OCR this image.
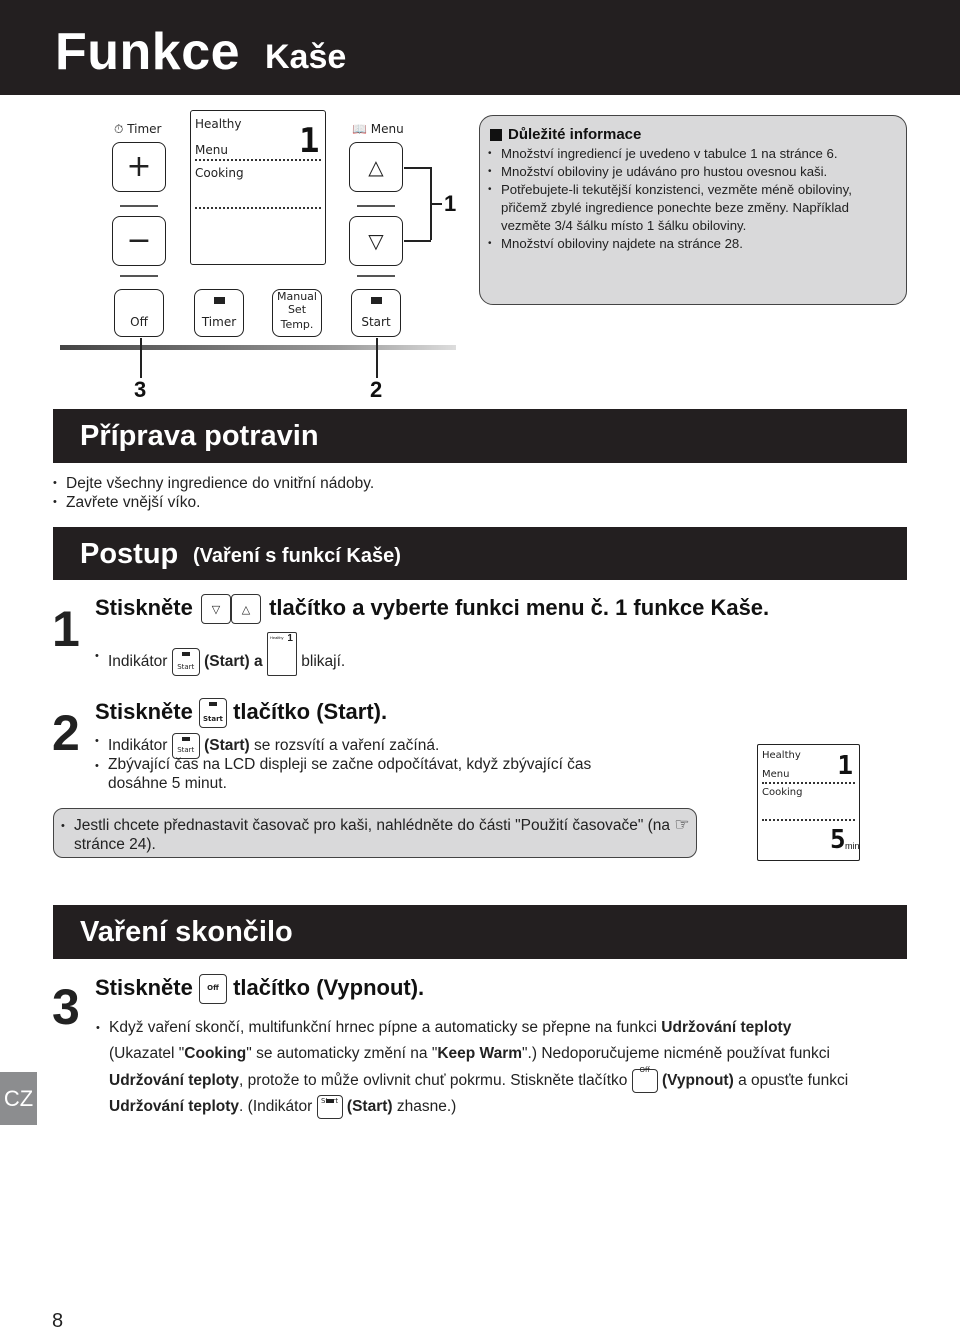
Funkce Kaše
⏱ Timer
+
−
Healthy
Menu
Cooking
1	📖 Menu
△
▽
1
Off	Timer
Manual Set
Temp.	Start
3	2
Důležité informace
• Množství ingrediencí je uvedeno v tabulce 1 na stránce 6.
• Množství obiloviny je udáváno pro hustou ovesnou kaši.
• Potřebujete-li tekutější konzistenci, vezměte méně obiloviny, přičemž zbylé ingredience ponechte beze změny. Například vezměte 3/4 šálku místo 1 šálku obiloviny.
• Množství obiloviny najdete na stránce 28.
Příprava potravin
• Dejte všechny ingredience do vnitřní nádoby.
• Zavřete vnější víko.
Postup (Vaření s funkcí Kaše)
1 Stiskněte	▽	△ tlačítko a vyberte funkci menu č. 1 funkce Kaše.
• Indikátor	Start (Start) a
Healthy 1
blikají.
2 Stiskněte	Start tlačítko (Start).
• Indikátor	Start (Start) se rozsvítí a vaření začíná.
• Zbývající čas na LCD displeji se začne odpočítávat, když zbývající čas dosáhne 5 minut.
• Jestli chcete přednastavit časovač pro kaši, nahlédněte do části "Použití časovače" (na ☞ stránce 24).
Healthy
Menu
Cooking
1
5 min
Vaření skončilo
3 Stiskněte	Off tlačítko (Vypnout).
• Když vaření skončí, multifunkční hrnec pípne a automaticky se přepne na funkci Udržování teploty
(Ukazatel "Cooking" se automaticky změní na "Keep Warm".) Nedoporučujeme nicméně používat funkci
Udržování teploty, protože to může ovlivnit chuť pokrmu. Stiskněte tlačítko
Off
(Vypnout) a opusťte funkci
Udržování teploty. (Indikátor	Start (Start) zhasne.)
CZ
8
